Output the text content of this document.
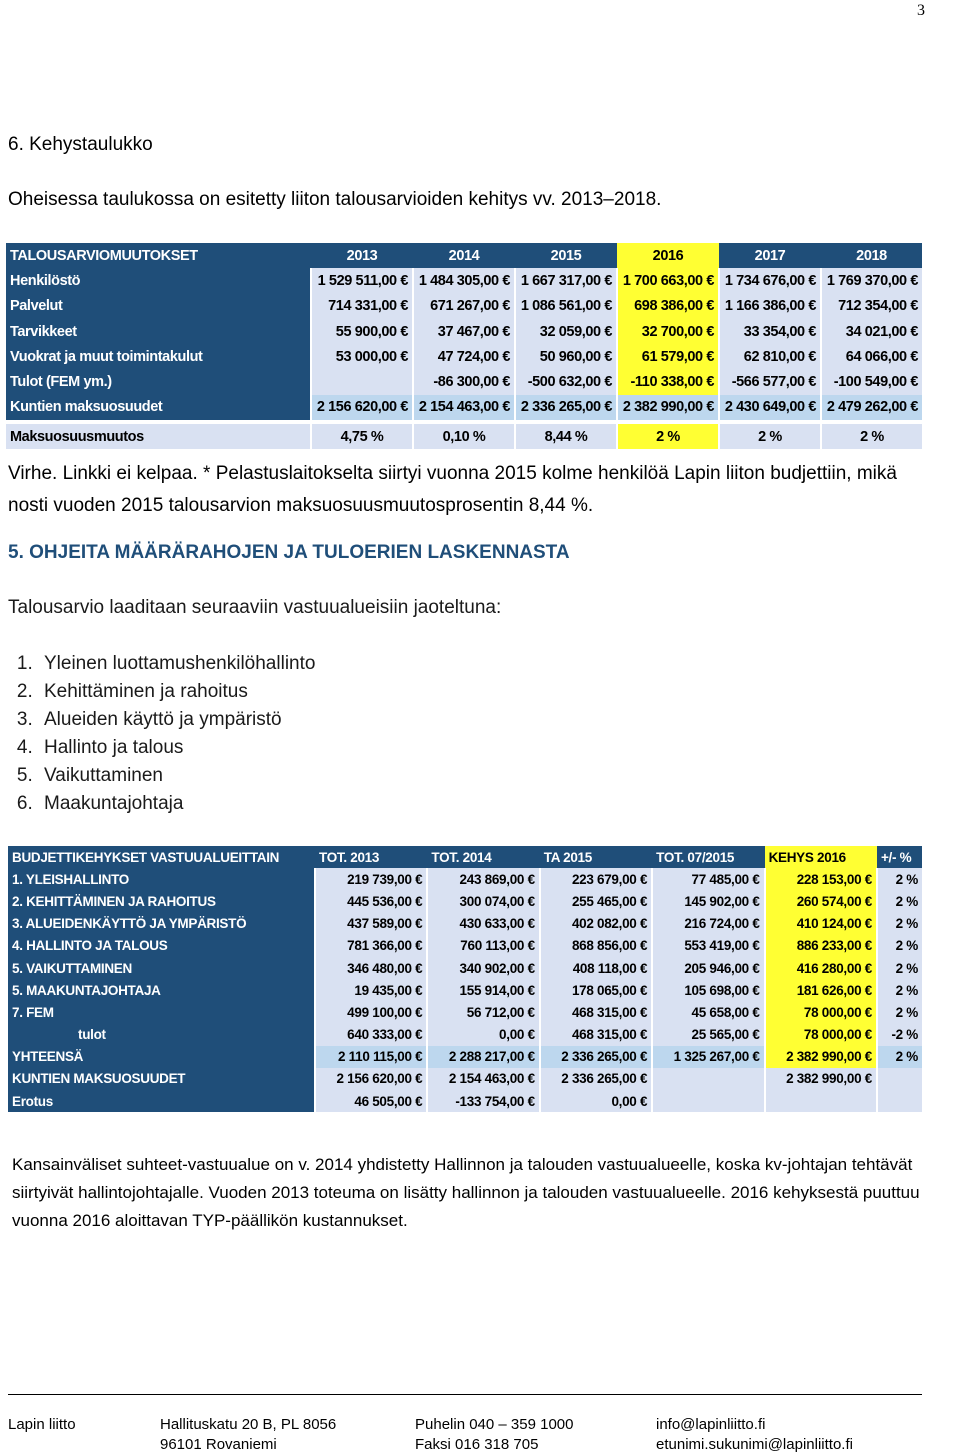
3
6. Kehystaulukko
Oheisessa taulukossa on esitetty liiton talousarvioiden kehitys vv. 2013–2018.
TALOUSARVIOMUUTOKSET	2013	2014	2015	2016	2017	2018
Henkilöstö	1 529 511,00 €	1 484 305,00 €	1 667 317,00 €	1 700 663,00 €	1 734 676,00 €	1 769 370,00 €
Palvelut	714 331,00 €	671 267,00 €	1 086 561,00 €	698 386,00 €	1 166 386,00 €	712 354,00 €
Tarvikkeet	55 900,00 €	37 467,00 €	32 059,00 €	32 700,00 €	33 354,00 €	34 021,00 €
Vuokrat ja muut toimintakulut	53 000,00 €	47 724,00 €	50 960,00 €	61 579,00 €	62 810,00 €	64 066,00 €
Tulot (FEM ym.)		-86 300,00 €	-500 632,00 €	-110 338,00 €	-566 577,00 €	-100 549,00 €
Kuntien maksuosuudet	2 156 620,00 €	2 154 463,00 €	2 336 265,00 €	2 382 990,00 €	2 430 649,00 €	2 479 262,00 €

Maksuosuusmuutos	4,75 %	0,10 %	8,44 %	2 %	2 %	2 %
Virhe. Linkki ei kelpaa. * Pelastuslaitokselta siirtyi vuonna 2015 kolme henkilöä Lapin liiton budjettiin, mikä nosti vuoden 2015 talousarvion maksuosuusmuutosprosentin 8,44 %.
5. OHJEITA MÄÄRÄRAHOJEN JA TULOERIEN LASKENNASTA
Talousarvio laaditaan seuraaviin vastuualueisiin jaoteltuna:
1. Yleinen luottamushenkilöhallinto
2. Kehittäminen ja rahoitus
3. Alueiden käyttö ja ympäristö
4. Hallinto ja talous
5. Vaikuttaminen
6. Maakuntajohtaja
BUDJETTIKEHYKSET VASTUUALUEITTAIN	TOT. 2013	TOT. 2014	TA 2015	TOT. 07/2015	KEHYS 2016	+/- %
1. YLEISHALLINTO	219 739,00 €	243 869,00 €	223 679,00 €	77 485,00 €	228 153,00 €	2 %
2. KEHITTÄMINEN JA RAHOITUS	445 536,00 €	300 074,00 €	255 465,00 €	145 902,00 €	260 574,00 €	2 %
3. ALUEIDENKÄYTTÖ JA YMPÄRISTÖ	437 589,00 €	430 633,00 €	402 082,00 €	216 724,00 €	410 124,00 €	2 %
4. HALLINTO JA TALOUS	781 366,00 €	760 113,00 €	868 856,00 €	553 419,00 €	886 233,00 €	2 %
5. VAIKUTTAMINEN	346 480,00 €	340 902,00 €	408 118,00 €	205 946,00 €	416 280,00 €	2 %
5. MAAKUNTAJOHTAJA	19 435,00 €	155 914,00 €	178 065,00 €	105 698,00 €	181 626,00 €	2 %
7. FEM	499 100,00 €	56 712,00 €	468 315,00 €	45 658,00 €	78 000,00 €	2 %
tulot	640 333,00 €	0,00 €	468 315,00 €	25 565,00 €	78 000,00 €	-2 %
YHTEENSÄ	2 110 115,00 €	2 288 217,00 €	2 336 265,00 €	1 325 267,00 €	2 382 990,00 €	2 %
KUNTIEN MAKSUOSUUDET	2 156 620,00 €	2 154 463,00 €	2 336 265,00 €		2 382 990,00 €	
Erotus	46 505,00 €	-133 754,00 €	0,00 €			
Kansainväliset suhteet-vastuualue on v. 2014 yhdistetty Hallinnon ja talouden vastuualueelle, koska kv-johtajan tehtävät siirtyivät hallintojohtajalle. Vuoden 2013 toteuma on lisätty hallinnon ja talouden vastuualueelle. 2016 kehyksestä puuttuu vuonna 2016 aloittavan TYP-päällikön kustannukset.
Lapin liitto	Hallituskatu 20 B, PL 8056
96101 Rovaniemi
Puhelin 040 – 359 1000
Faksi 016 318 705
info@lapinliitto.fi
etunimi.sukunimi@lapinliitto.fi
